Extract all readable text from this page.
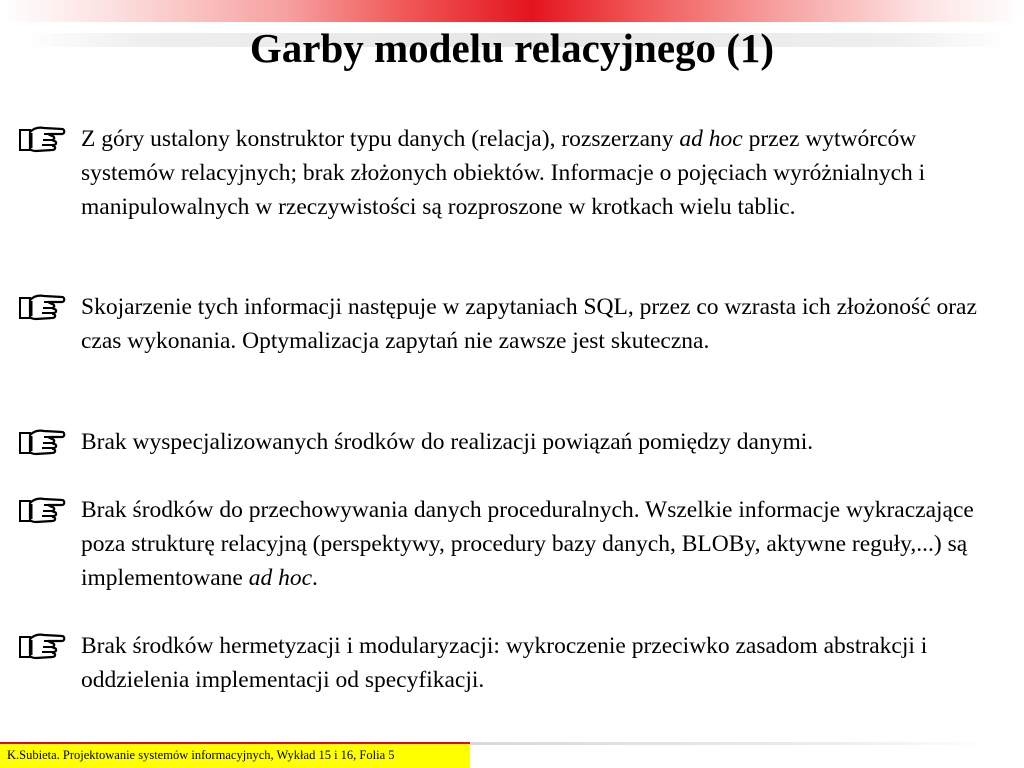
Garby modelu relacyjnego (1)

Z góry ustalony konstruktor typu danych (relacja), rozszerzany ad hoc przez wytwórców systemów relacyjnych; brak złożonych obiektów. Informacje o pojęciach wyróżnialnych i manipulowalnych w rzeczywistości są rozproszone w krotkach wielu tablic.

Skojarzenie tych informacji następuje w zapytaniach SQL, przez co wzrasta ich złożoność oraz czas wykonania. Optymalizacja zapytań nie zawsze jest skuteczna.

Brak wyspecjalizowanych środków do realizacji powiązań pomiędzy danymi.

Brak środków do przechowywania danych proceduralnych. Wszelkie informacje wykraczające poza strukturę relacyjną (perspektywy, procedury bazy danych, BLOBy, aktywne reguły,...) są implementowane ad hoc.

Brak środków hermetyzacji i modularyzacji: wykroczenie przeciwko zasadom abstrakcji i oddzielenia implementacji od specyfikacji.

K.Subieta. Projektowanie systemów informacyjnych, Wykład 15 i 16, Folia 5
